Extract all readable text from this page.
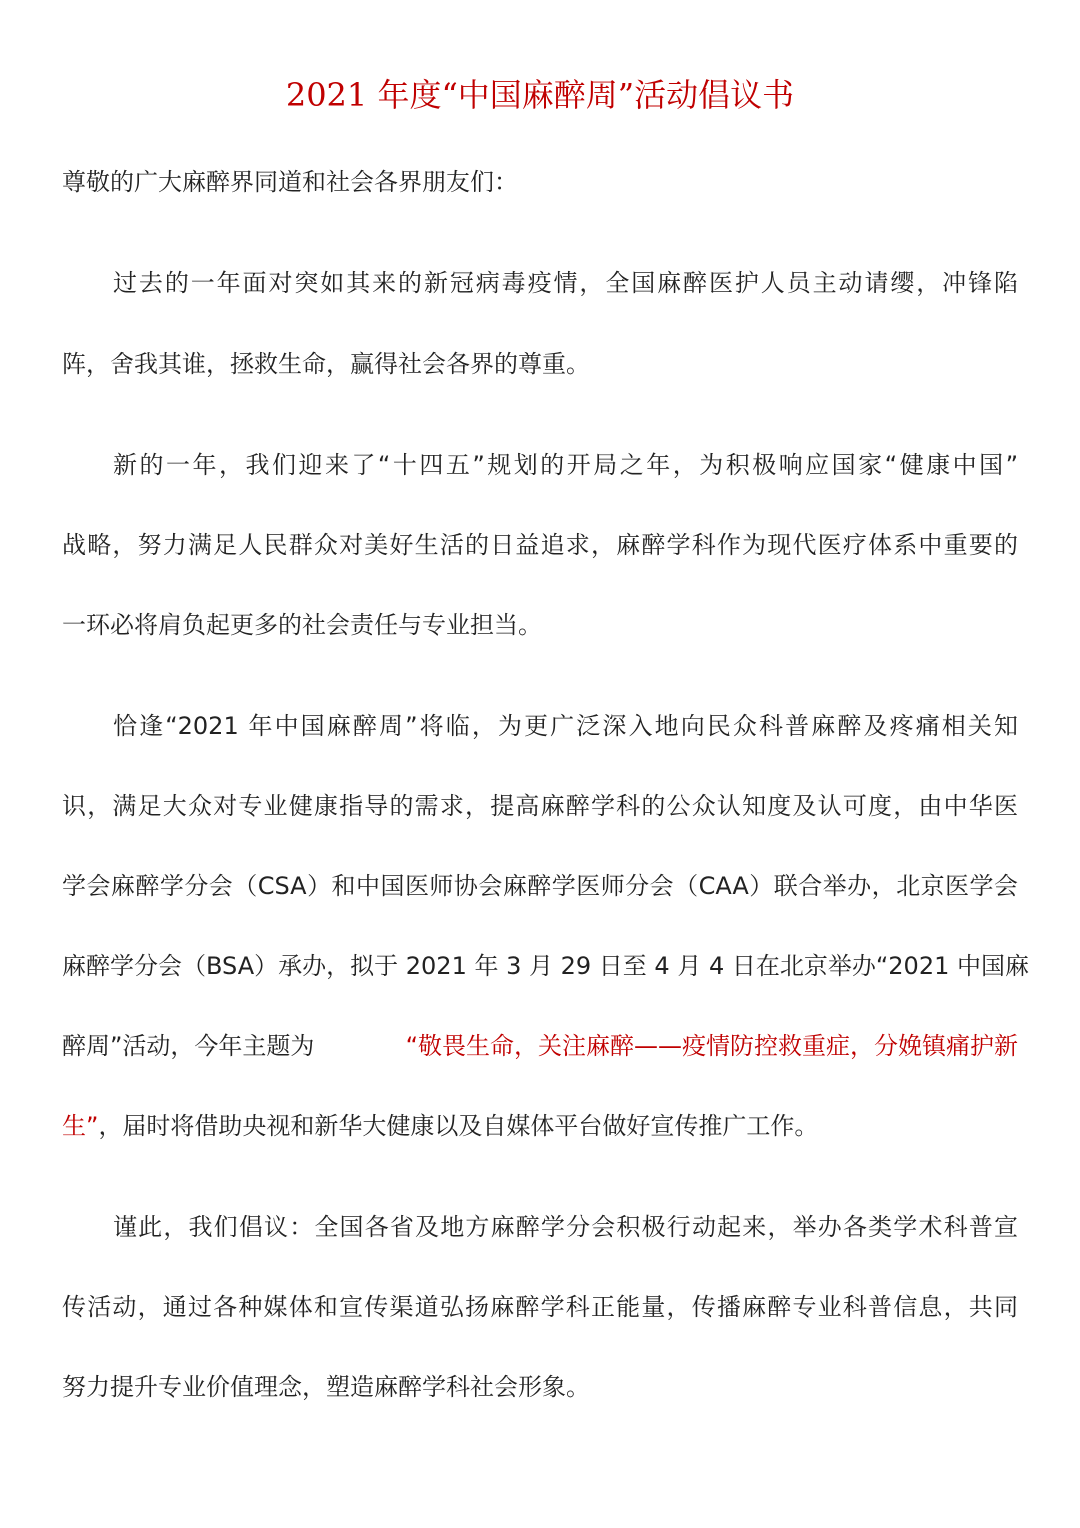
2021 年度“中国麻醉周”活动倡议书
尊敬的广大麻醉界同道和社会各界朋友们：
过去的一年面对突如其来的新冠病毒疫情，全国麻醉医护人员主动请缨，冲锋陷
阵，舍我其谁，拯救生命，赢得社会各界的尊重。
新的一年，我们迎来了“十四五”规划的开局之年，为积极响应国家“健康中国”
战略，努力满足人民群众对美好生活的日益追求，麻醉学科作为现代医疗体系中重要的
一环必将肩负起更多的社会责任与专业担当。
恰逢“2021 年中国麻醉周”将临，为更广泛深入地向民众科普麻醉及疼痛相关知
识，满足大众对专业健康指导的需求，提高麻醉学科的公众认知度及认可度，由中华医
学会麻醉学分会（CSA）和中国医师协会麻醉学医师分会（CAA）联合举办，北京医学会
麻醉学分会（BSA）承办，拟于 2021 年 3 月 29 日至 4 月 4 日在北京举办“2021 中国麻
醉周”活动，今年主题为	“敬畏生命，关注麻醉——疫情防控救重症，分娩镇痛护新
生”，届时将借助央视和新华大健康以及自媒体平台做好宣传推广工作。
谨此，我们倡议：全国各省及地方麻醉学分会积极行动起来，举办各类学术科普宣
传活动，通过各种媒体和宣传渠道弘扬麻醉学科正能量，传播麻醉专业科普信息，共同
努力提升专业价值理念，塑造麻醉学科社会形象。
